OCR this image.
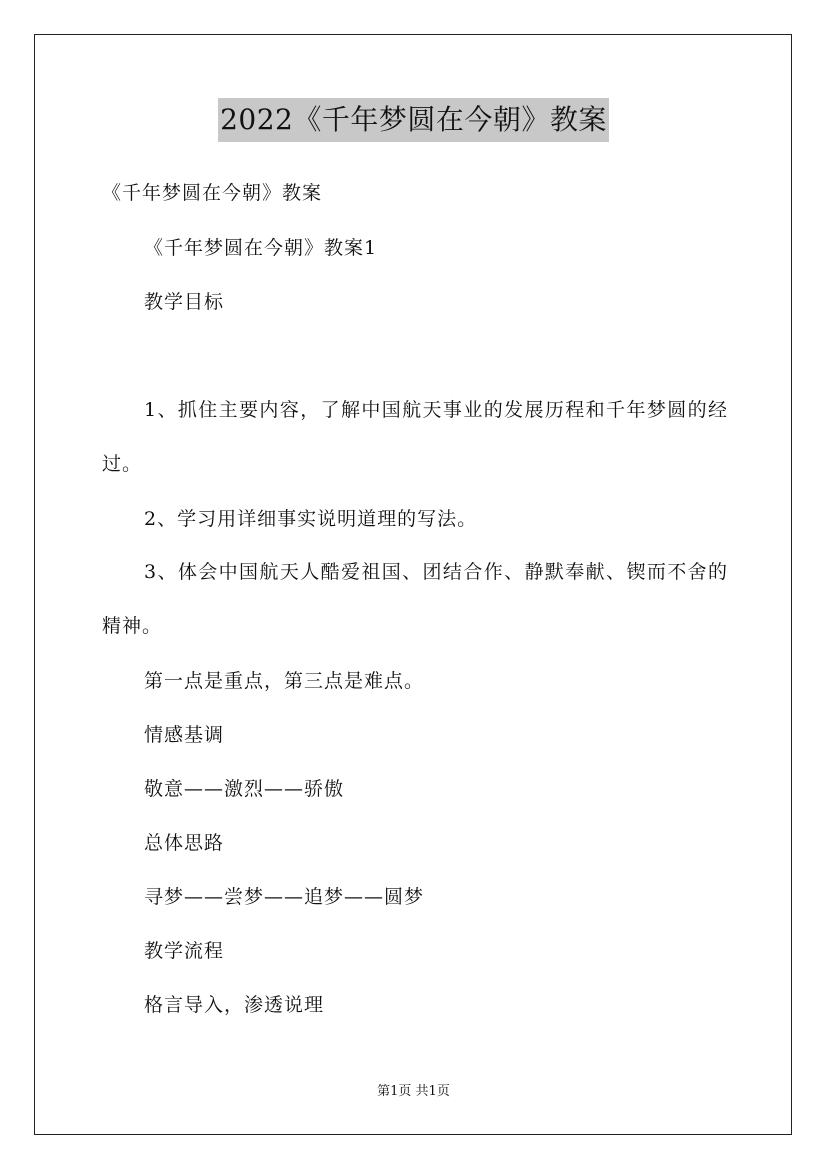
2022《千年梦圆在今朝》教案
《千年梦圆在今朝》教案
《千年梦圆在今朝》教案1
教学目标
1、抓住主要内容，了解中国航天事业的发展历程和千年梦圆的经过。
2、学习用详细事实说明道理的写法。
3、体会中国航天人酷爱祖国、团结合作、静默奉献、锲而不舍的精神。
第一点是重点，第三点是难点。
情感基调
敬意——激烈——骄傲
总体思路
寻梦——尝梦——追梦——圆梦
教学流程
格言导入，渗透说理
第1页 共1页
